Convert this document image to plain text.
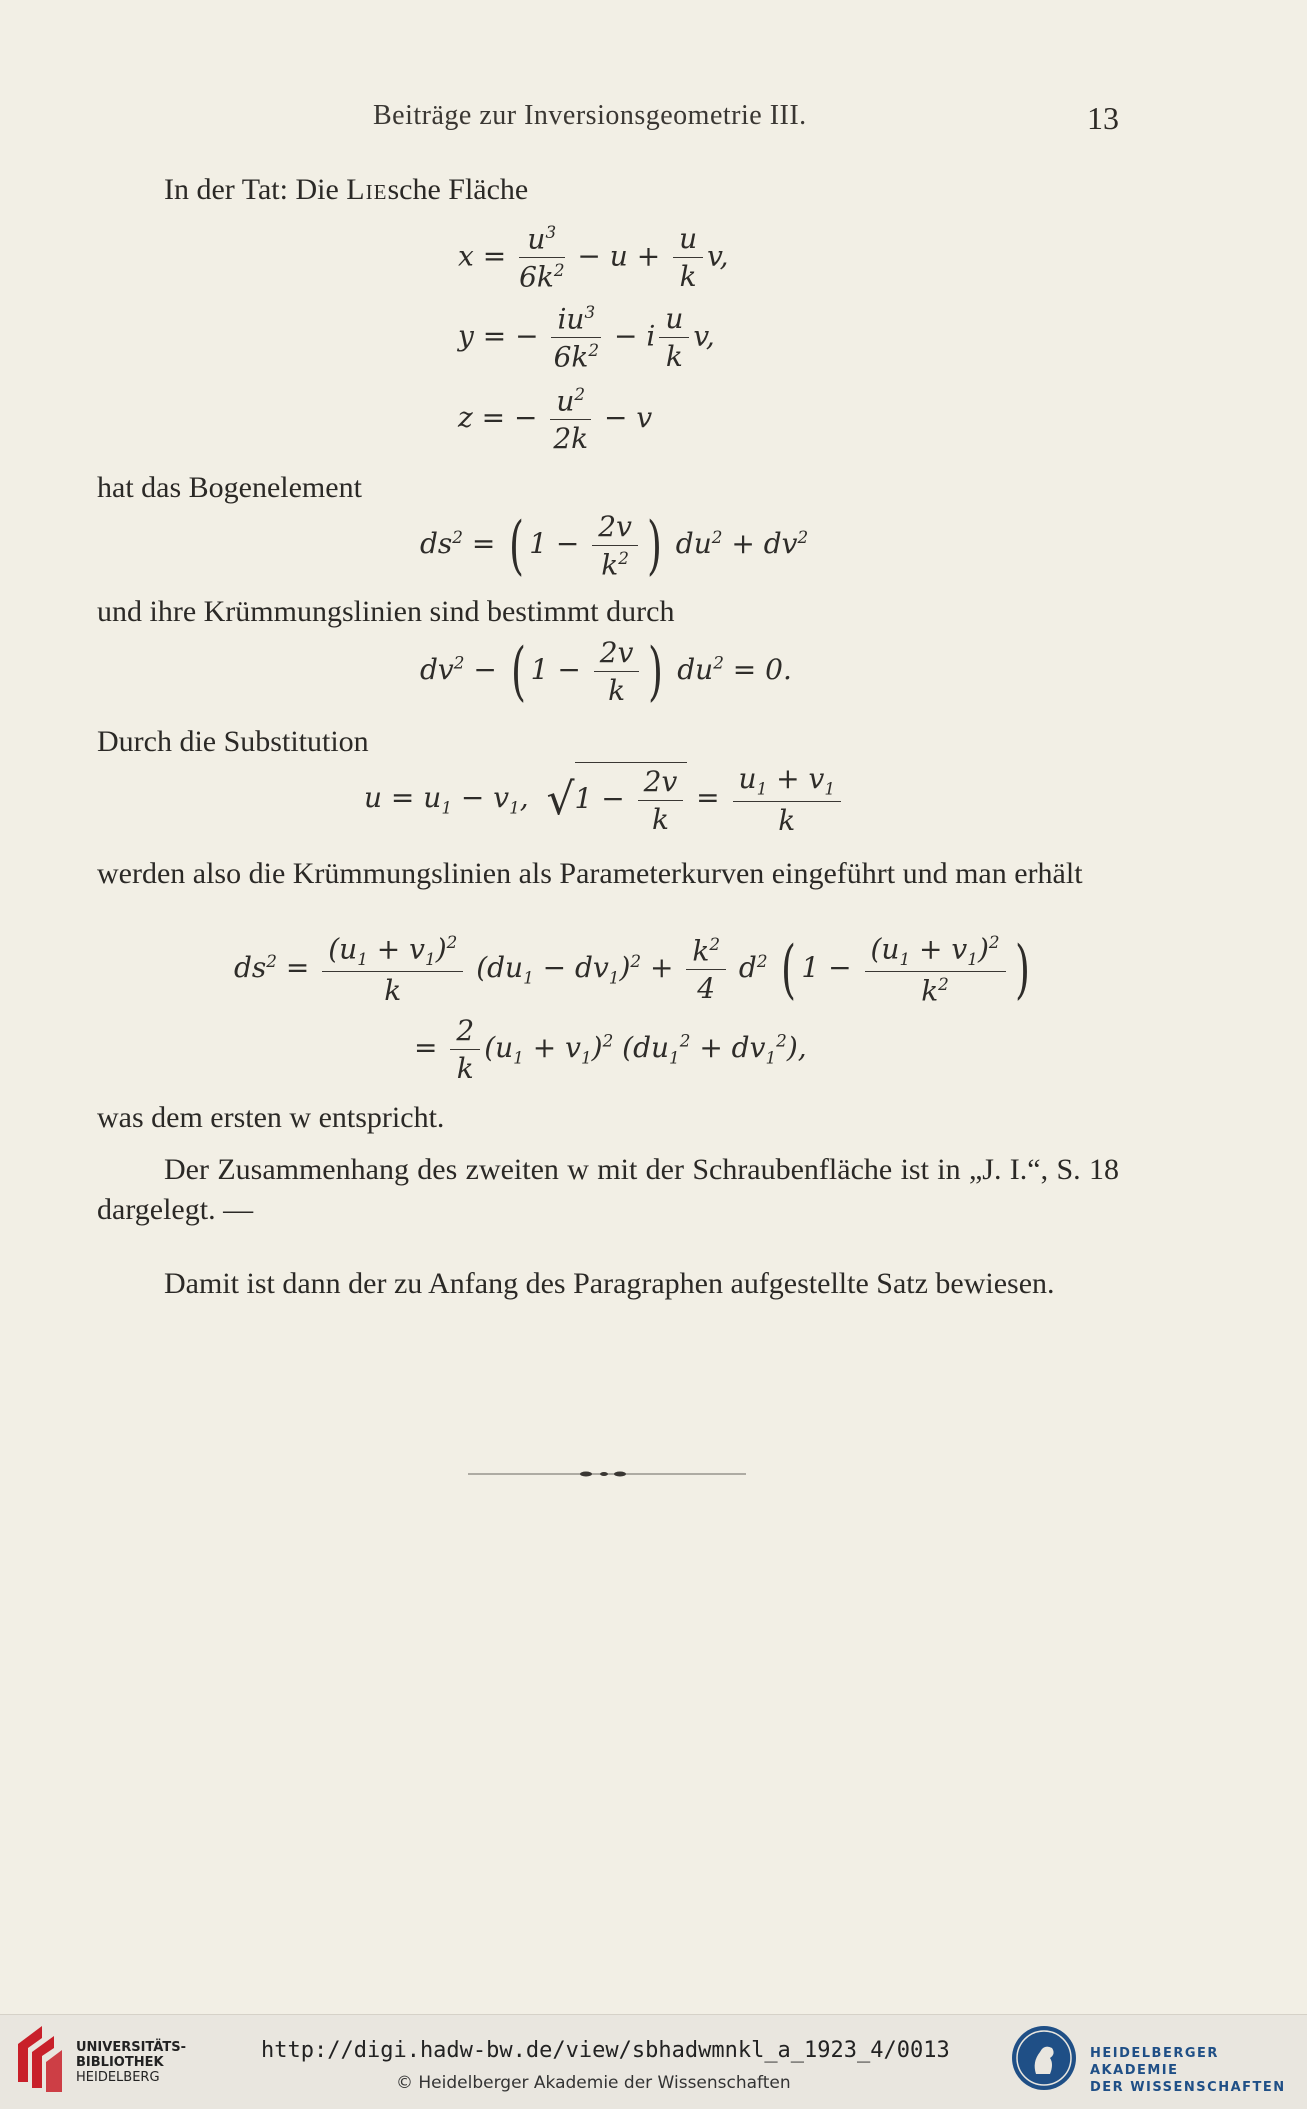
Beiträge zur Inversionsgeometrie III.	13
In der Tat: Die Liesche Fläche
$x = \frac{u^3}{6k^2} - u + \frac{u}{k} v$,
y = − $\frac{iu^3}{6k^2} - i \frac{u}{k} v$,
z = − $\frac{u^2}{2k} - v$
hat das Bogenelement
$ds^2$ = ( $1 - \frac{2v}{k^2}$ ) $du^2 + dv^2$
und ihre Krümmungslinien sind bestimmt durch
$dv^2$ − ( $1 - \frac{2v}{k}$ ) $du^2 = 0$.
Durch die Substitution
$u = u_1 - v_1$,  $√1 - \frac{2v}{k} = \frac{u_1 + v_1}{k}$
werden also die Krümmungslinien als Parameterkurven eingeführt und man erhält
$ds^2 = \frac{(u_1 + v_1)^2}{k} (du_1 - dv_1)^2 + \frac{k^2}{4} d^2$ ( $1 - \frac{(u_1 + v_1)^2}{k^2}$ )
= $\frac{2}{k} (u_1 + v_1)^2$ $(du_1^2 + dv_1^2)$,
was dem ersten w entspricht.
Der Zusammenhang des zweiten w mit der Schraubenfläche ist in „J. I.“, S. 18 dargelegt. —
Damit ist dann der zu Anfang des Paragraphen aufgestellte Satz bewiesen.
UNIVERSITÄTS-
BIBLIOTHEK
HEIDELBERG
http://digi.hadw-bw.de/view/sbhadwmnkl_a_1923_4/0013
© Heidelberger Akademie der Wissenschaften
HEIDELBERGER AKADEMIE
DER WISSENSCHAFTEN
